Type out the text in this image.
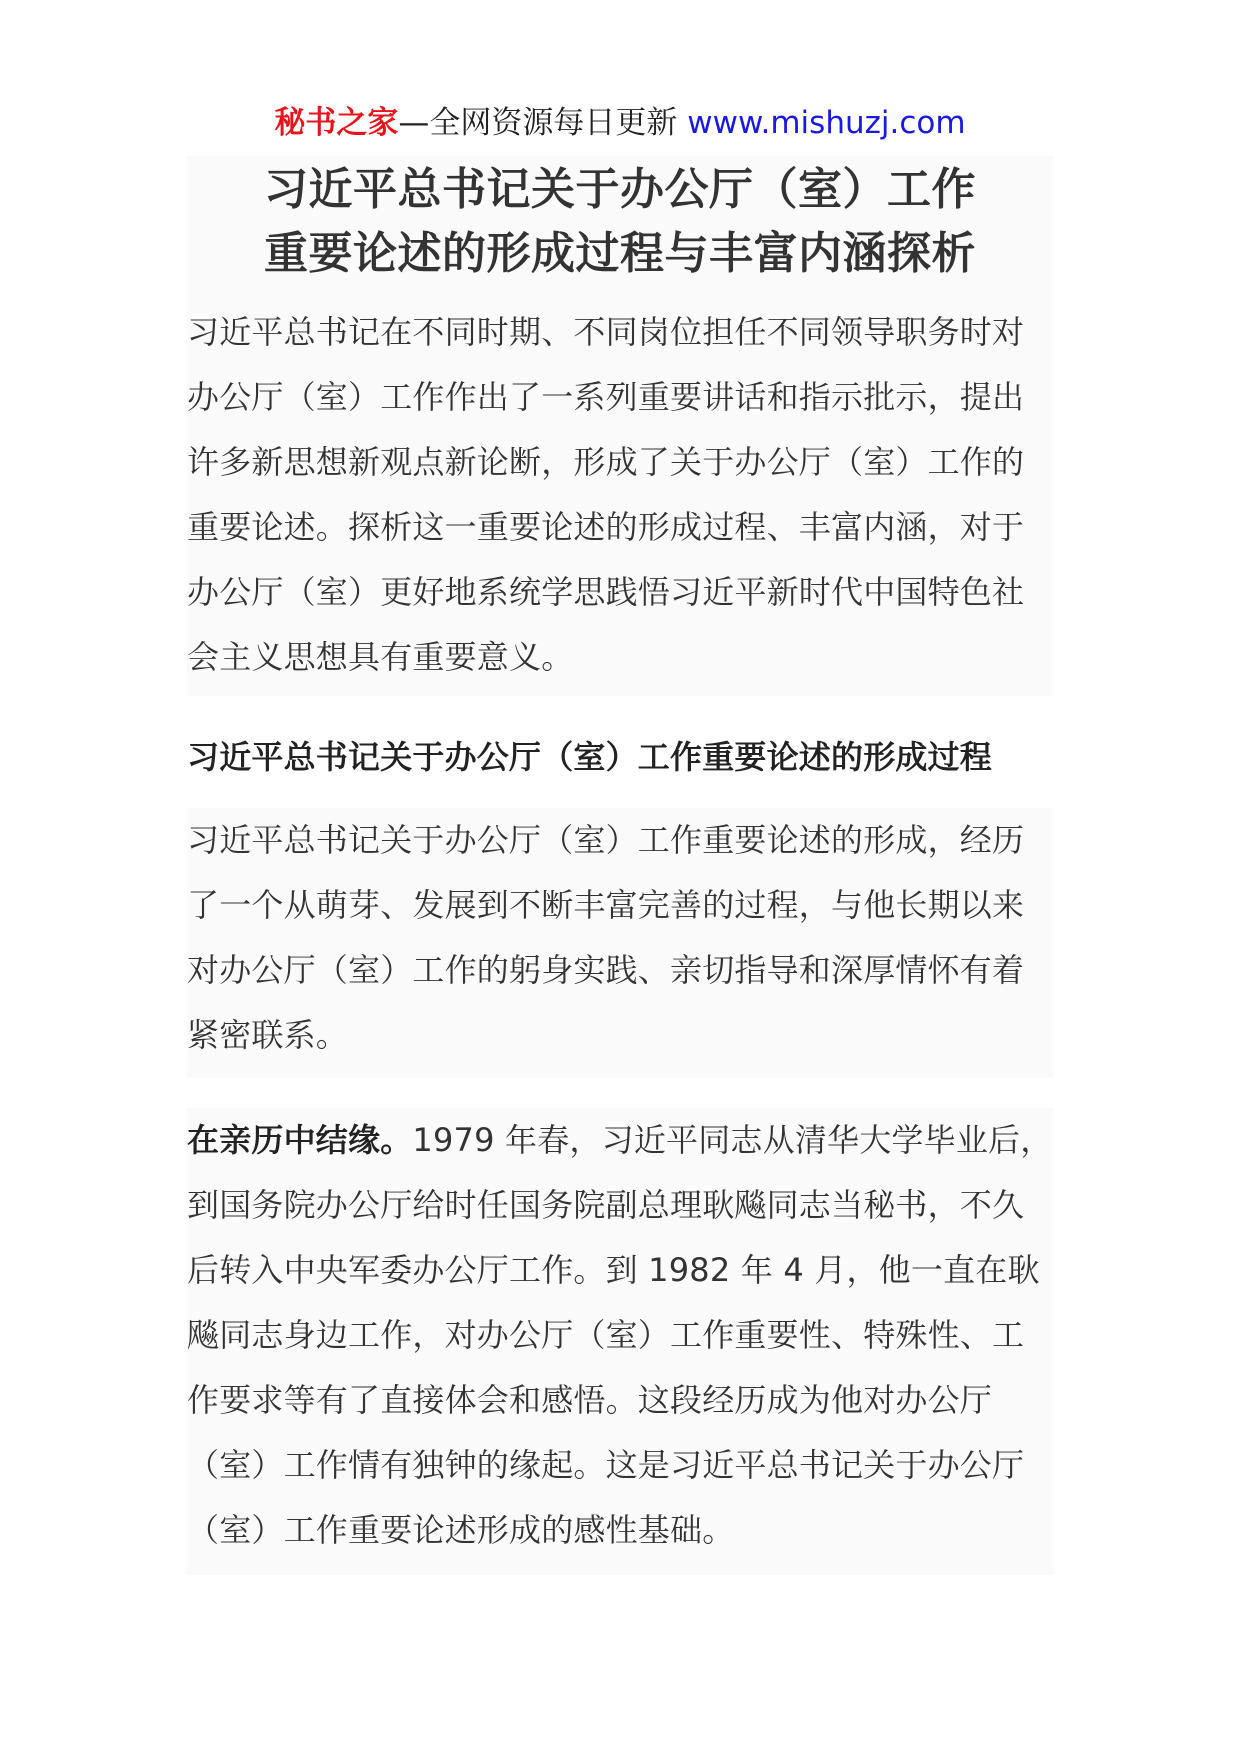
秘书之家—全网资源每日更新 www.mishuzj.com
习近平总书记关于办公厅（室）工作
重要论述的形成过程与丰富内涵探析
习近平总书记在不同时期、不同岗位担任不同领导职务时对办公厅（室）工作作出了一系列重要讲话和指示批示，提出许多新思想新观点新论断，形成了关于办公厅（室）工作的重要论述。探析这一重要论述的形成过程、丰富内涵，对于办公厅（室）更好地系统学思践悟习近平新时代中国特色社会主义思想具有重要意义。
习近平总书记关于办公厅（室）工作重要论述的形成过程
习近平总书记关于办公厅（室）工作重要论述的形成，经历了一个从萌芽、发展到不断丰富完善的过程，与他长期以来对办公厅（室）工作的躬身实践、亲切指导和深厚情怀有着紧密联系。
在亲历中结缘。1979 年春，习近平同志从清华大学毕业后，到国务院办公厅给时任国务院副总理耿飚同志当秘书，不久后转入中央军委办公厅工作。到 1982 年 4 月，他一直在耿飚同志身边工作，对办公厅（室）工作重要性、特殊性、工作要求等有了直接体会和感悟。这段经历成为他对办公厅（室）工作情有独钟的缘起。这是习近平总书记关于办公厅（室）工作重要论述形成的感性基础。
